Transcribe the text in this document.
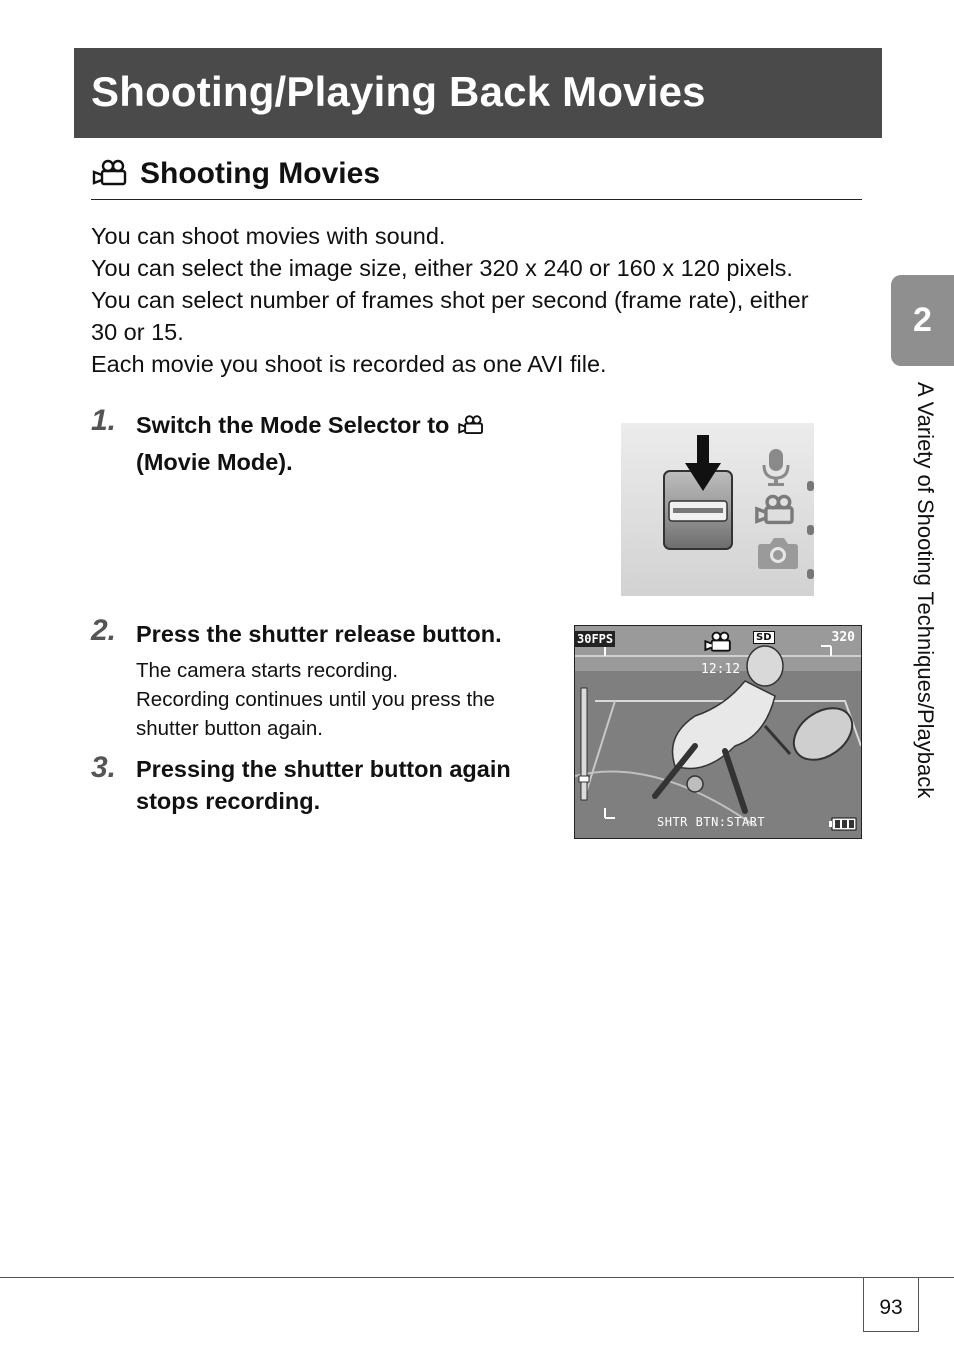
Shooting/Playing Back Movies
Shooting Movies

You can shoot movies with sound.

You can select the image size, either 320 x 240 or 160 x 120 pixels.

You can select number of frames shot per second (frame rate), either 30 or 15.

Each movie you shoot is recorded as one AVI file.

1. Switch the Mode Selector to
(Movie Mode).
2. Press the shutter release button.

The camera starts recording.

Recording continues until you press the shutter button again.

3. Pressing the shutter button again
stops recording.
30FPS	SD	320
12:12
SHTR BTN:START
2
A Variety of Shooting Techniques/Playback
93
